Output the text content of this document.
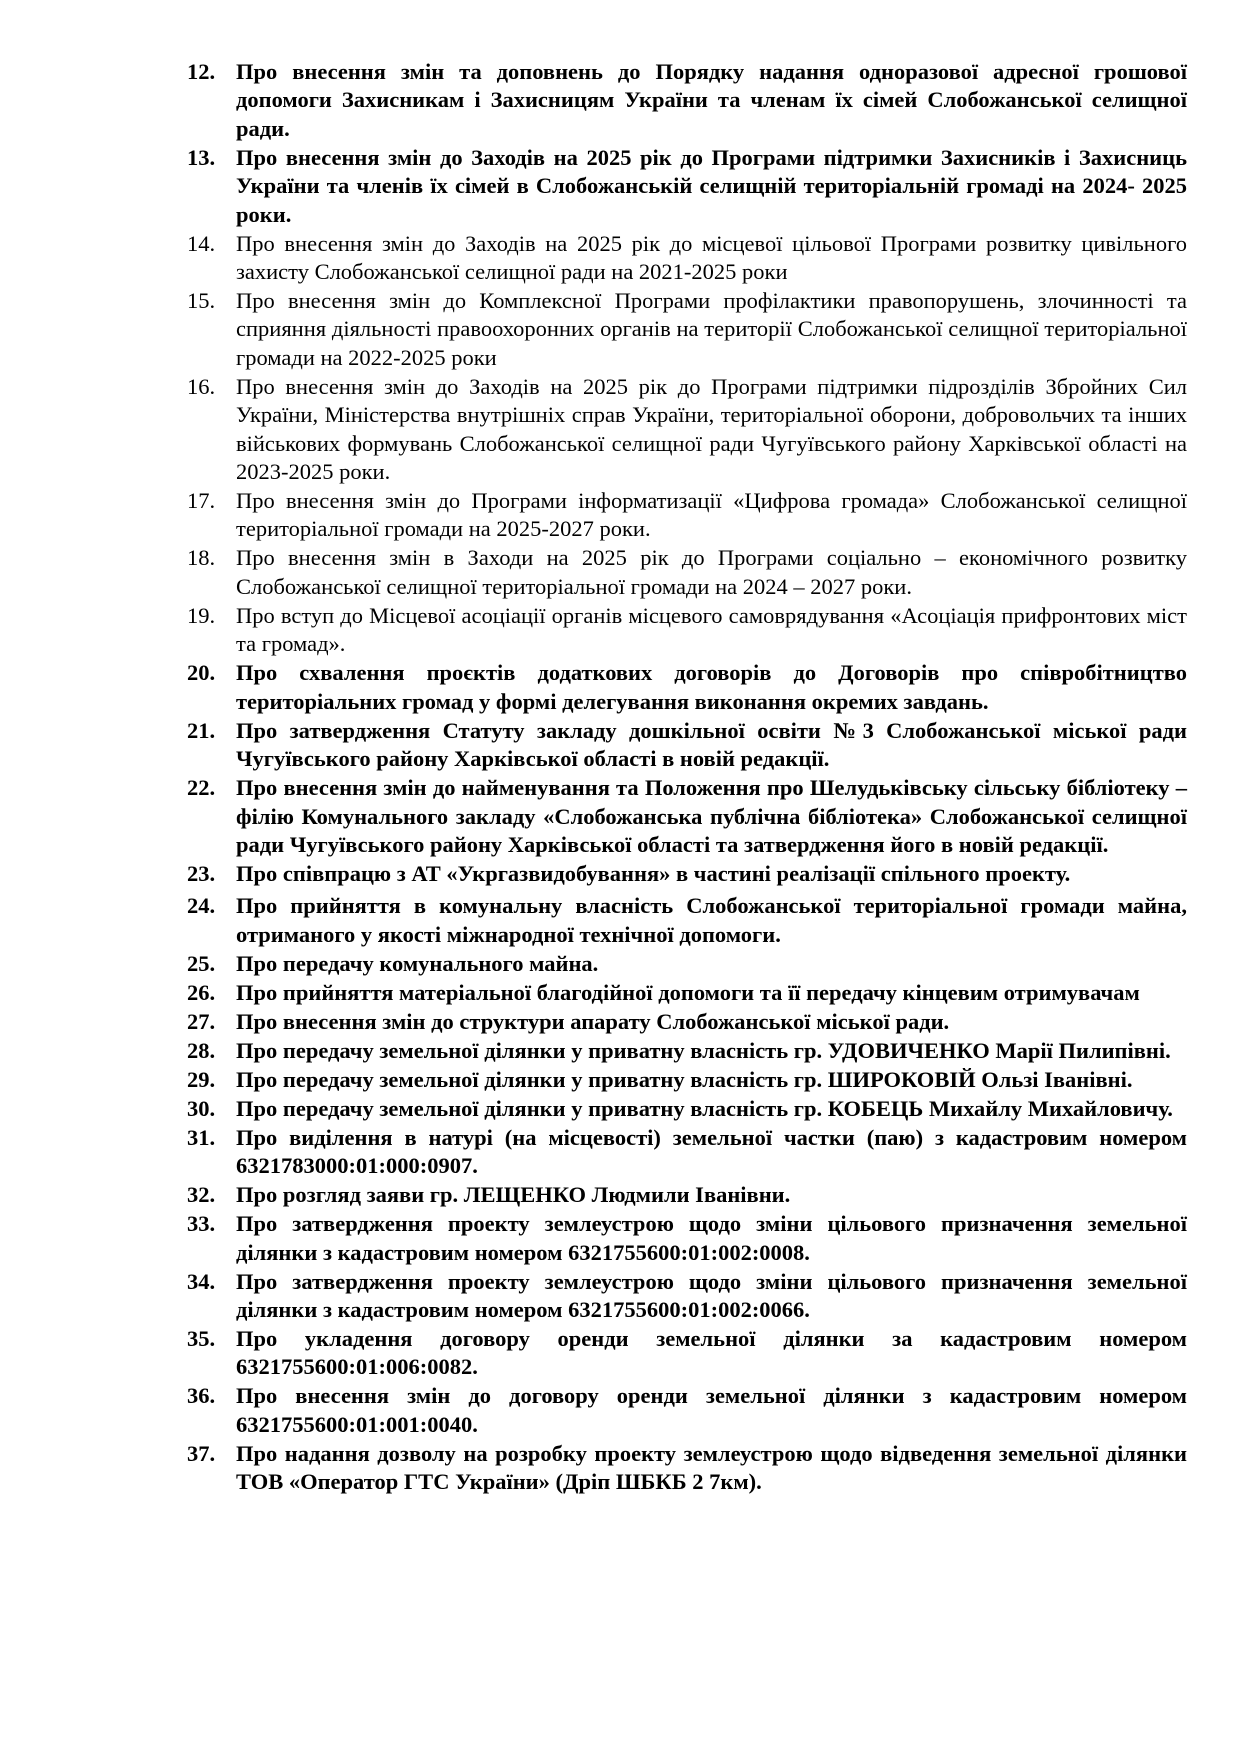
12. Про внесення змін та доповнень до Порядку надання одноразової адресної грошової допомоги Захисникам і Захисницям України та членам їх сімей Слобожанської селищної ради.
13. Про внесення змін до Заходів на 2025 рік до Програми підтримки Захисників і Захисниць України та членів їх сімей в Слобожанській селищній територіальній громаді на 2024- 2025 роки.
14. Про внесення змін до Заходів на 2025 рік до місцевої цільової Програми розвитку цивільного захисту Слобожанської селищної ради на 2021-2025 роки
15. Про внесення змін до Комплексної Програми профілактики правопорушень, злочинності та сприяння діяльності правоохоронних органів на території Слобожанської селищної територіальної громади на 2022-2025 роки
16. Про внесення змін до Заходів на 2025 рік до Програми підтримки підрозділів Збройних Сил України, Міністерства внутрішніх справ України, територіальної оборони, добровольчих та інших військових формувань Слобожанської селищної ради Чугуївського району Харківської області на 2023-2025 роки.
17. Про внесення змін до Програми інформатизації «Цифрова громада» Слобожанської селищної територіальної громади на 2025-2027 роки.
18. Про внесення змін в Заходи на 2025 рік до Програми соціально – економічного розвитку Слобожанської селищної територіальної громади на 2024 – 2027 роки.
19. Про вступ до Місцевої асоціації органів місцевого самоврядування «Асоціація прифронтових міст та громад».
20. Про схвалення проєктів додаткових договорів до Договорів про співробітництво територіальних громад у формі делегування виконання окремих завдань.
21. Про затвердження Статуту закладу дошкільної освіти №3 Слобожанської міської ради Чугуївського району Харківської області в новій редакції.
22. Про внесення змін до найменування та Положення про Шелудьківську сільську бібліотеку – філію Комунального закладу «Слобожанська публічна бібліотека» Слобожанської селищної ради Чугуївського району Харківської області та затвердження його в новій редакції.
23. Про співпрацю з АТ «Укргазвидобування» в частині реалізації спільного проекту.
24. Про прийняття в комунальну власність Слобожанської територіальної громади майна, отриманого у якості міжнародної технічної допомоги.
25. Про передачу комунального майна.
26. Про прийняття матеріальної благодійної допомоги та її передачу кінцевим отримувачам
27. Про внесення змін до структури апарату Слобожанської міської ради.
28. Про передачу земельної ділянки у приватну власність гр. УДОВИЧЕНКО Марії Пилипівні.
29. Про передачу земельної ділянки у приватну власність гр. ШИРОКОВІЙ Ользі Іванівні.
30. Про передачу земельної ділянки у приватну власність гр. КОБЕЦЬ Михайлу Михайловичу.
31. Про виділення в натурі (на місцевості) земельної частки (паю) з кадастровим номером 6321783000:01:000:0907.
32. Про розгляд заяви гр. ЛЕЩЕНКО Людмили Іванівни.
33. Про затвердження проекту землеустрою щодо зміни цільового призначення земельної ділянки з кадастровим номером 6321755600:01:002:0008.
34. Про затвердження проекту землеустрою щодо зміни цільового призначення земельної ділянки з кадастровим номером 6321755600:01:002:0066.
35. Про укладення договору оренди земельної ділянки за кадастровим номером 6321755600:01:006:0082.
36. Про внесення змін до договору оренди земельної ділянки з кадастровим номером 6321755600:01:001:0040.
37. Про надання дозволу на розробку проекту землеустрою щодо відведення земельної ділянки ТОВ «Оператор ГТС України» (Дріп ШБКБ 2 7км).
